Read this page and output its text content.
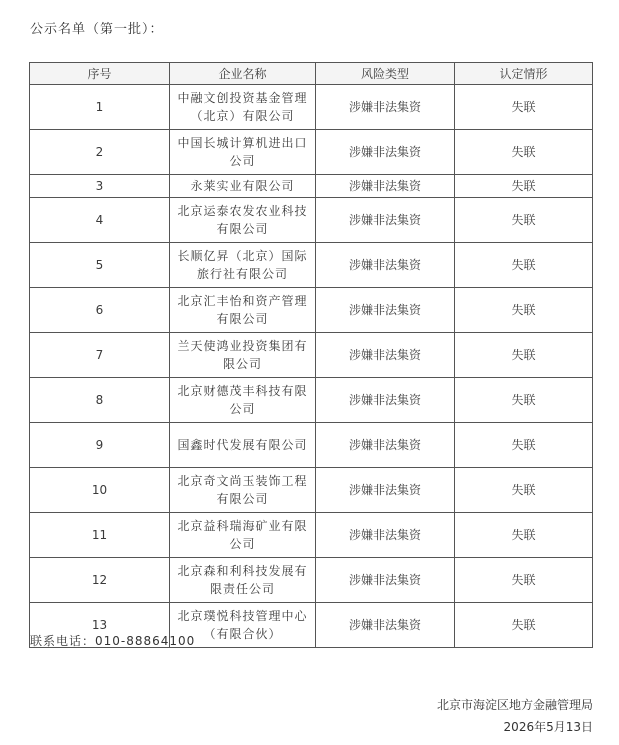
公示名单（第一批）：
序号	企业名称	风险类型	认定情形
1	中融文创投资基金管理（北京）有限公司	涉嫌非法集资	失联
2	中国长城计算机进出口公司	涉嫌非法集资	失联
3	永莱实业有限公司	涉嫌非法集资	失联
4	北京运泰农发农业科技有限公司	涉嫌非法集资	失联
5	长顺亿昇（北京）国际旅行社有限公司	涉嫌非法集资	失联
6	北京汇丰怡和资产管理有限公司	涉嫌非法集资	失联
7	兰天使鸿业投资集团有限公司	涉嫌非法集资	失联
8	北京财德茂丰科技有限公司	涉嫌非法集资	失联
9	国鑫时代发展有限公司	涉嫌非法集资	失联
10	北京奇文尚玉装饰工程有限公司	涉嫌非法集资	失联
11	北京益科瑞海矿业有限公司	涉嫌非法集资	失联
12	北京森和利科技发展有限责任公司	涉嫌非法集资	失联
13	北京璞悦科技管理中心（有限合伙）	涉嫌非法集资	失联
联系电话：010-88864100
北京市海淀区地方金融管理局
2026年5月13日
